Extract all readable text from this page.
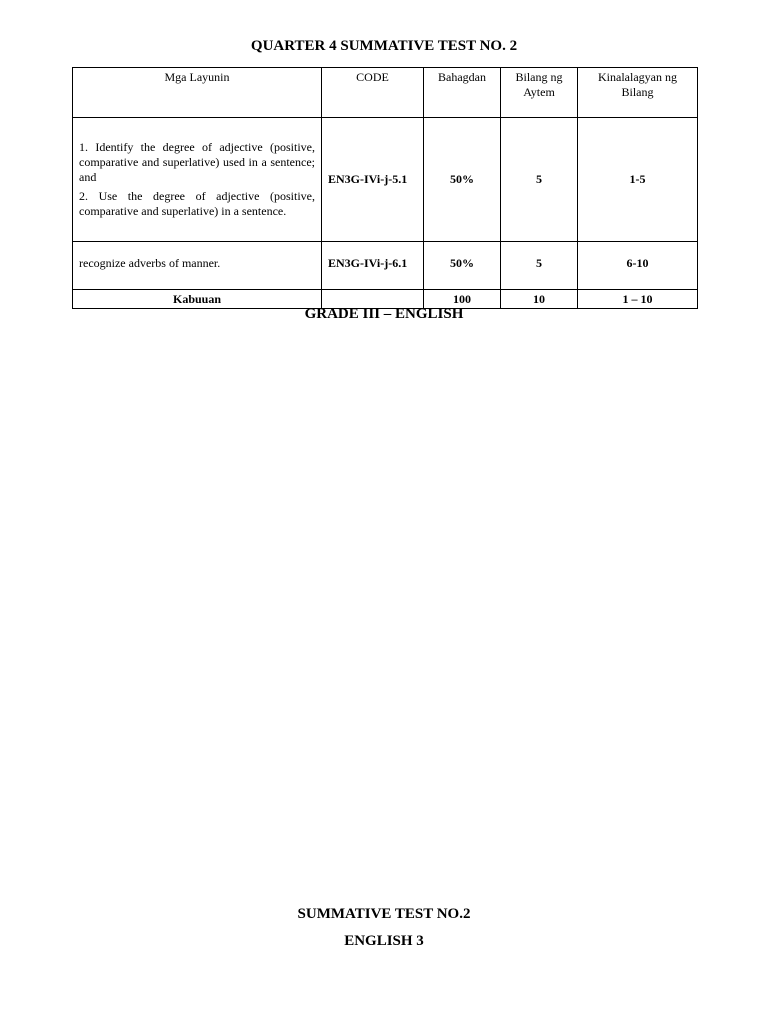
QUARTER 4 SUMMATIVE TEST NO. 2
Mga Layunin	CODE	Bahagdan	Bilang ng Aytem	Kinalalagyan ng Bilang

1. Identify the degree of adjective (positive, comparative and superlative) used in a sentence; and

2. Use the degree of adjective (positive, comparative and superlative) in a sentence.	EN3G-IVi-j-5.1	50%	5	1-5

recognize adverbs of manner.	EN3G-IVi-j-6.1	50%	5	6-10
Kabuuan		100	10	1 – 10
GRADE III – ENGLISH
SUMMATIVE TEST NO.2
ENGLISH 3
